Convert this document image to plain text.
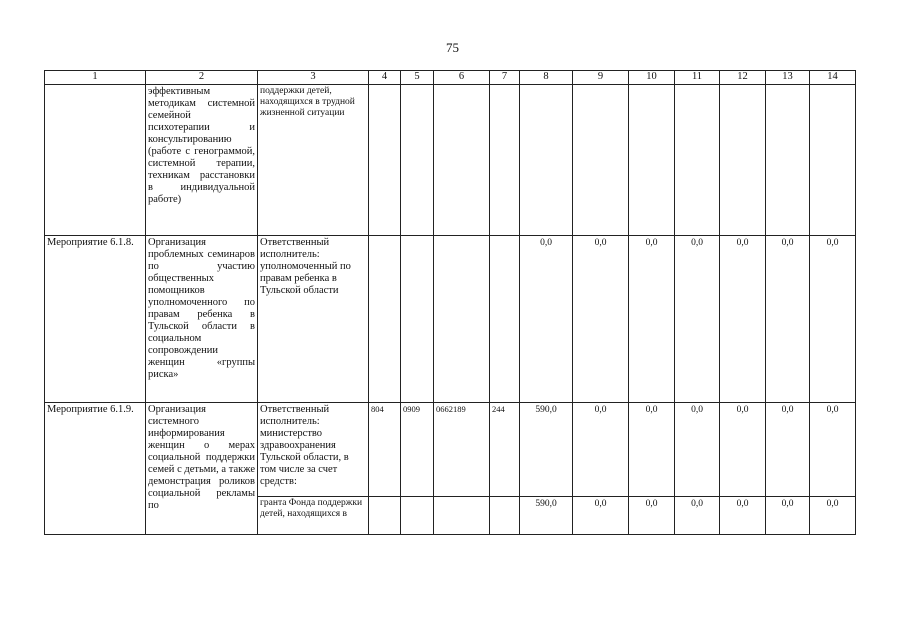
75
1	2	3	4	5	6	7	8	9	10	11	12	13	14
	эффективным методикам системной семейной психотерапии и консультированию (работе с генограммой, системной терапии, техникам расстановки в индивидуальной работе)	поддержки детей, находящихся в трудной жизненной ситуации											
Мероприятие 6.1.8.	Организация проблемных семинаров по участию общественных помощников уполномоченного по правам ребенка в Тульской области в социальном сопровождении женщин «группы риска»	Ответственный исполнитель: уполномоченный по правам ребенка в Тульской области					0,0	0,0	0,0	0,0	0,0	0,0	0,0
Мероприятие 6.1.9.	Организация системного информирования женщин о мерах социальной поддержки семей с детьми, а также демонстрация роликов социальной рекламы по	Ответственный исполнитель: министерство здравоохранения Тульской области, в том числе за счет средств:	804	0909	0662189	244	590,0	0,0	0,0	0,0	0,0	0,0	0,0
		гранта Фонда поддержки детей, находящихся в					590,0	0,0	0,0	0,0	0,0	0,0	0,0
